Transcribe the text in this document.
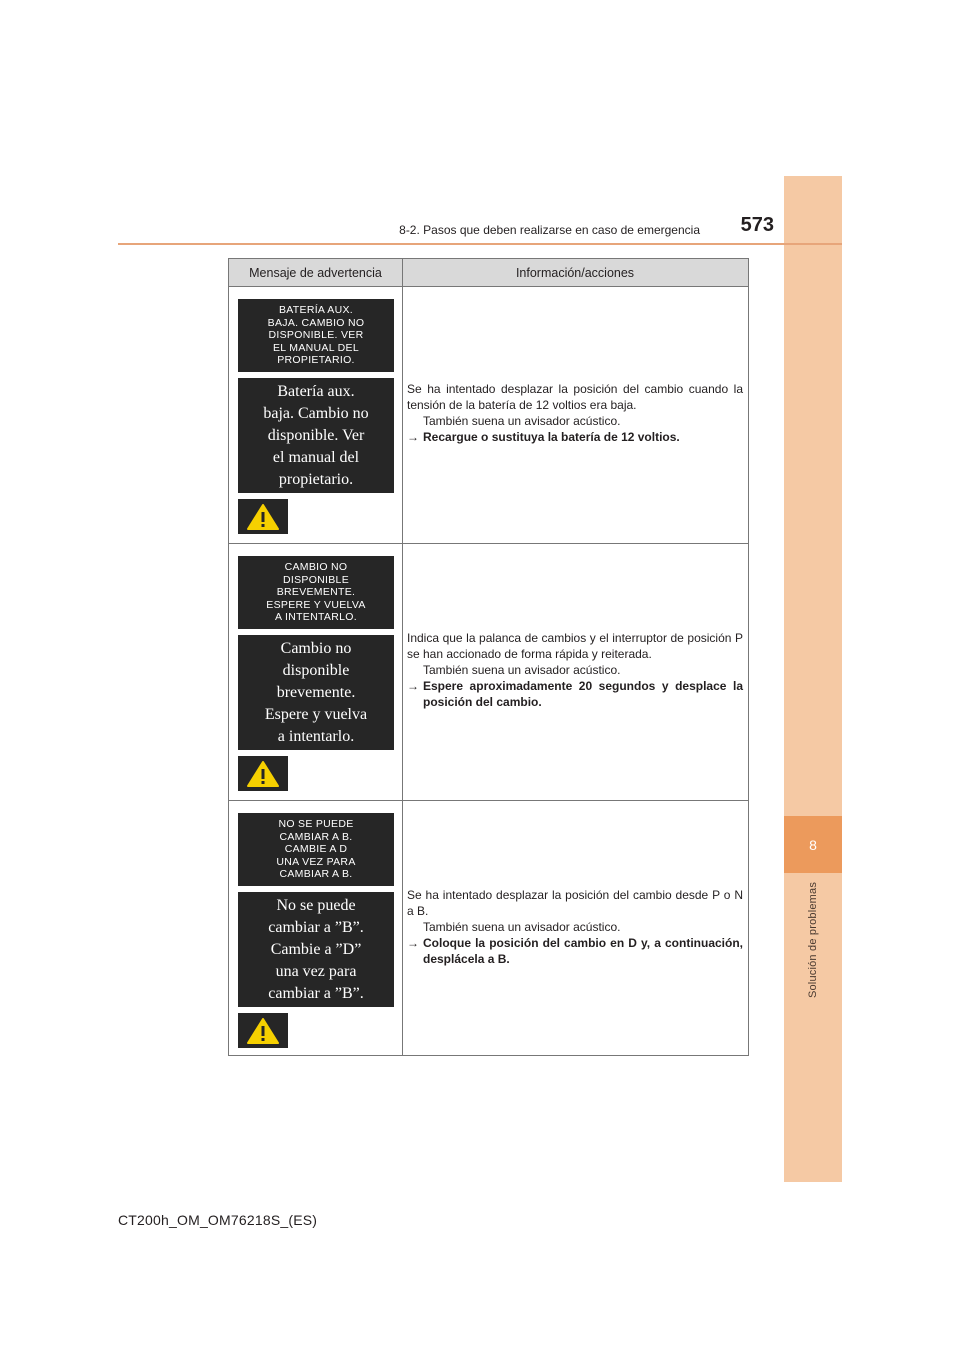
8
Solución de problemas
8-2. Pasos que deben realizarse en caso de emergencia	573
Mensaje de advertencia	Información/acciones
BATERÍA AUX.
BAJA. CAMBIO NO
DISPONIBLE. VER
EL MANUAL DEL
PROPIETARIO.
Batería aux.
baja. Cambio no
disponible. Ver
el manual del
propietario.

Se ha intentado desplazar la posición del cambio cuando la tensión de la batería de 12 voltios era baja.

También suena un avisador acústico.

→ Recargue o sustituya la batería de 12 voltios.

CAMBIO NO
DISPONIBLE
BREVEMENTE.
ESPERE Y VUELVA
A INTENTARLO.
Cambio no
disponible
brevemente.
Espere y vuelva
a intentarlo.

Indica que la palanca de cambios y el interruptor de posición P se han accionado de forma rápida y reiterada.

También suena un avisador acústico.

→ Espere aproximadamente 20 segundos y desplace la posición del cambio.

NO SE PUEDE
CAMBIAR A B.
CAMBIE A D
UNA VEZ PARA
CAMBIAR A B.
No se puede
cambiar a ”B”.
Cambie a ”D”
una vez para
cambiar a ”B”.

Se ha intentado desplazar la posición del cambio desde P o N a B.

También suena un avisador acústico.

→ Coloque la posición del cambio en D y, a continuación, desplácela a B.

CT200h_OM_OM76218S_(ES)
